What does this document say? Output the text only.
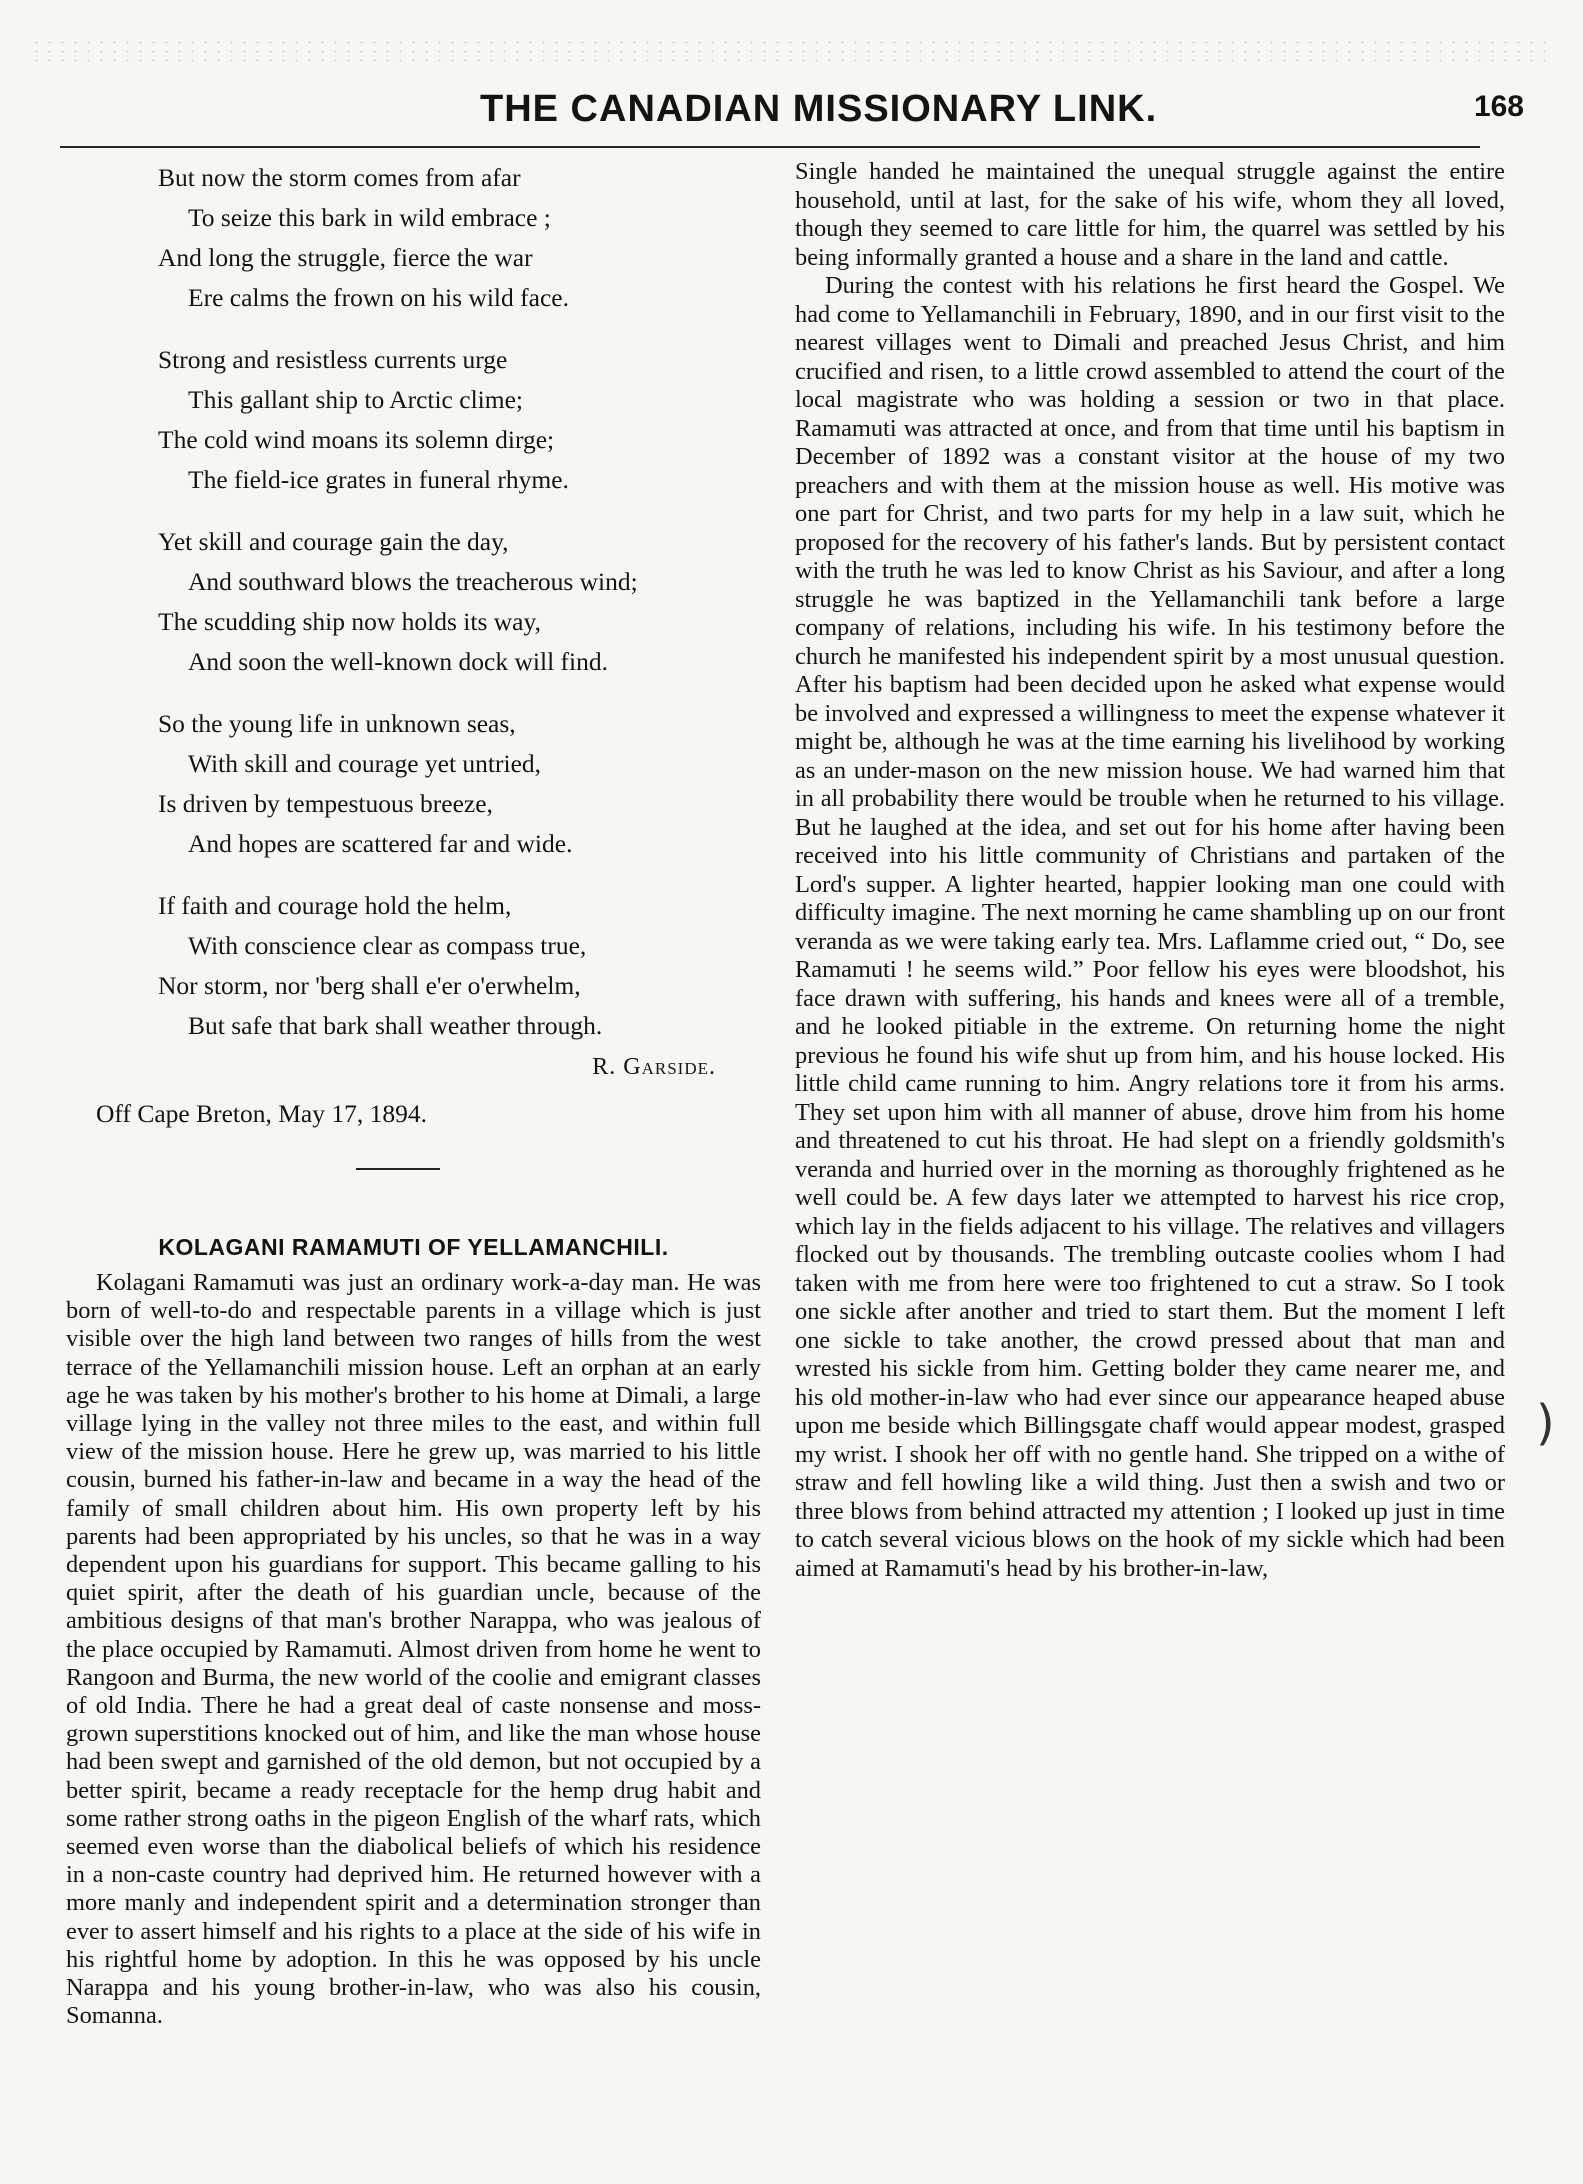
THE CANADIAN MISSIONARY LINK.	168
But now the storm comes from afar
To seize this bark in wild embrace ;
And long the struggle, fierce the war
Ere calms the frown on his wild face.
Strong and resistless currents urge
This gallant ship to Arctic clime;
The cold wind moans its solemn dirge;
The field-ice grates in funeral rhyme.
Yet skill and courage gain the day,
And southward blows the treacherous wind;
The scudding ship now holds its way,
And soon the well-known dock will find.
So the young life in unknown seas,
With skill and courage yet untried,
Is driven by tempestuous breeze,
And hopes are scattered far and wide.
If faith and courage hold the helm,
With conscience clear as compass true,
Nor storm, nor 'berg shall e'er o'erwhelm,
But safe that bark shall weather through.
R. Garside.
Off Cape Breton, May 17, 1894.
KOLAGANI RAMAMUTI OF YELLAMANCHILI.

Kolagani Ramamuti was just an ordinary work-a-day man. He was born of well-to-do and respectable parents in a village which is just visible over the high land between two ranges of hills from the west terrace of the Yellamanchili mission house. Left an orphan at an early age he was taken by his mother's brother to his home at Dimali, a large village lying in the valley not three miles to the east, and within full view of the mission house. Here he grew up, was married to his little cousin, burned his father-in-law and became in a way the head of the family of small children about him. His own property left by his parents had been appropriated by his uncles, so that he was in a way dependent upon his guardians for support. This became galling to his quiet spirit, after the death of his guardian uncle, because of the ambitious designs of that man's brother Narappa, who was jealous of the place occupied by Ramamuti. Almost driven from home he went to Rangoon and Burma, the new world of the coolie and emigrant classes of old India. There he had a great deal of caste nonsense and moss-grown superstitions knocked out of him, and like the man whose house had been swept and garnished of the old demon, but not occupied by a better spirit, became a ready receptacle for the hemp drug habit and some rather strong oaths in the pigeon English of the wharf rats, which seemed even worse than the diabolical beliefs of which his residence in a non-caste country had deprived him. He returned however with a more manly and independent spirit and a determination stronger than ever to assert himself and his rights to a place at the side of his wife in his rightful home by adoption. In this he was opposed by his uncle Narappa and his young brother-in-law, who was also his cousin, Somanna.

Single handed he maintained the unequal struggle against the entire household, until at last, for the sake of his wife, whom they all loved, though they seemed to care little for him, the quarrel was settled by his being informally granted a house and a share in the land and cattle.

During the contest with his relations he first heard the Gospel. We had come to Yellamanchili in February, 1890, and in our first visit to the nearest villages went to Dimali and preached Jesus Christ, and him crucified and risen, to a little crowd assembled to attend the court of the local magistrate who was holding a session or two in that place. Ramamuti was attracted at once, and from that time until his baptism in December of 1892 was a constant visitor at the house of my two preachers and with them at the mission house as well. His motive was one part for Christ, and two parts for my help in a law suit, which he proposed for the recovery of his father's lands. But by persistent contact with the truth he was led to know Christ as his Saviour, and after a long struggle he was baptized in the Yellamanchili tank before a large company of relations, including his wife. In his testimony before the church he manifested his independent spirit by a most unusual question. After his baptism had been decided upon he asked what expense would be involved and expressed a willingness to meet the expense whatever it might be, although he was at the time earning his livelihood by working as an under-mason on the new mission house. We had warned him that in all probability there would be trouble when he returned to his village. But he laughed at the idea, and set out for his home after having been received into his little community of Christians and partaken of the Lord's supper. A lighter hearted, happier looking man one could with difficulty imagine. The next morning he came shambling up on our front veranda as we were taking early tea. Mrs. Laflamme cried out, “ Do, see Ramamuti ! he seems wild.” Poor fellow his eyes were bloodshot, his face drawn with suffering, his hands and knees were all of a tremble, and he looked pitiable in the extreme. On returning home the night previous he found his wife shut up from him, and his house locked. His little child came running to him. Angry relations tore it from his arms. They set upon him with all manner of abuse, drove him from his home and threatened to cut his throat. He had slept on a friendly goldsmith's veranda and hurried over in the morning as thoroughly frightened as he well could be. A few days later we attempted to harvest his rice crop, which lay in the fields adjacent to his village. The relatives and villagers flocked out by thousands. The trembling outcaste coolies whom I had taken with me from here were too frightened to cut a straw. So I took one sickle after another and tried to start them. But the moment I left one sickle to take another, the crowd pressed about that man and wrested his sickle from him. Getting bolder they came nearer me, and his old mother-in-law who had ever since our appearance heaped abuse upon me beside which Billingsgate chaff would appear modest, grasped my wrist. I shook her off with no gentle hand. She tripped on a withe of straw and fell howling like a wild thing. Just then a swish and two or three blows from behind attracted my attention ; I looked up just in time to catch several vicious blows on the hook of my sickle which had been aimed at Ramamuti's head by his brother-in-law,

)
